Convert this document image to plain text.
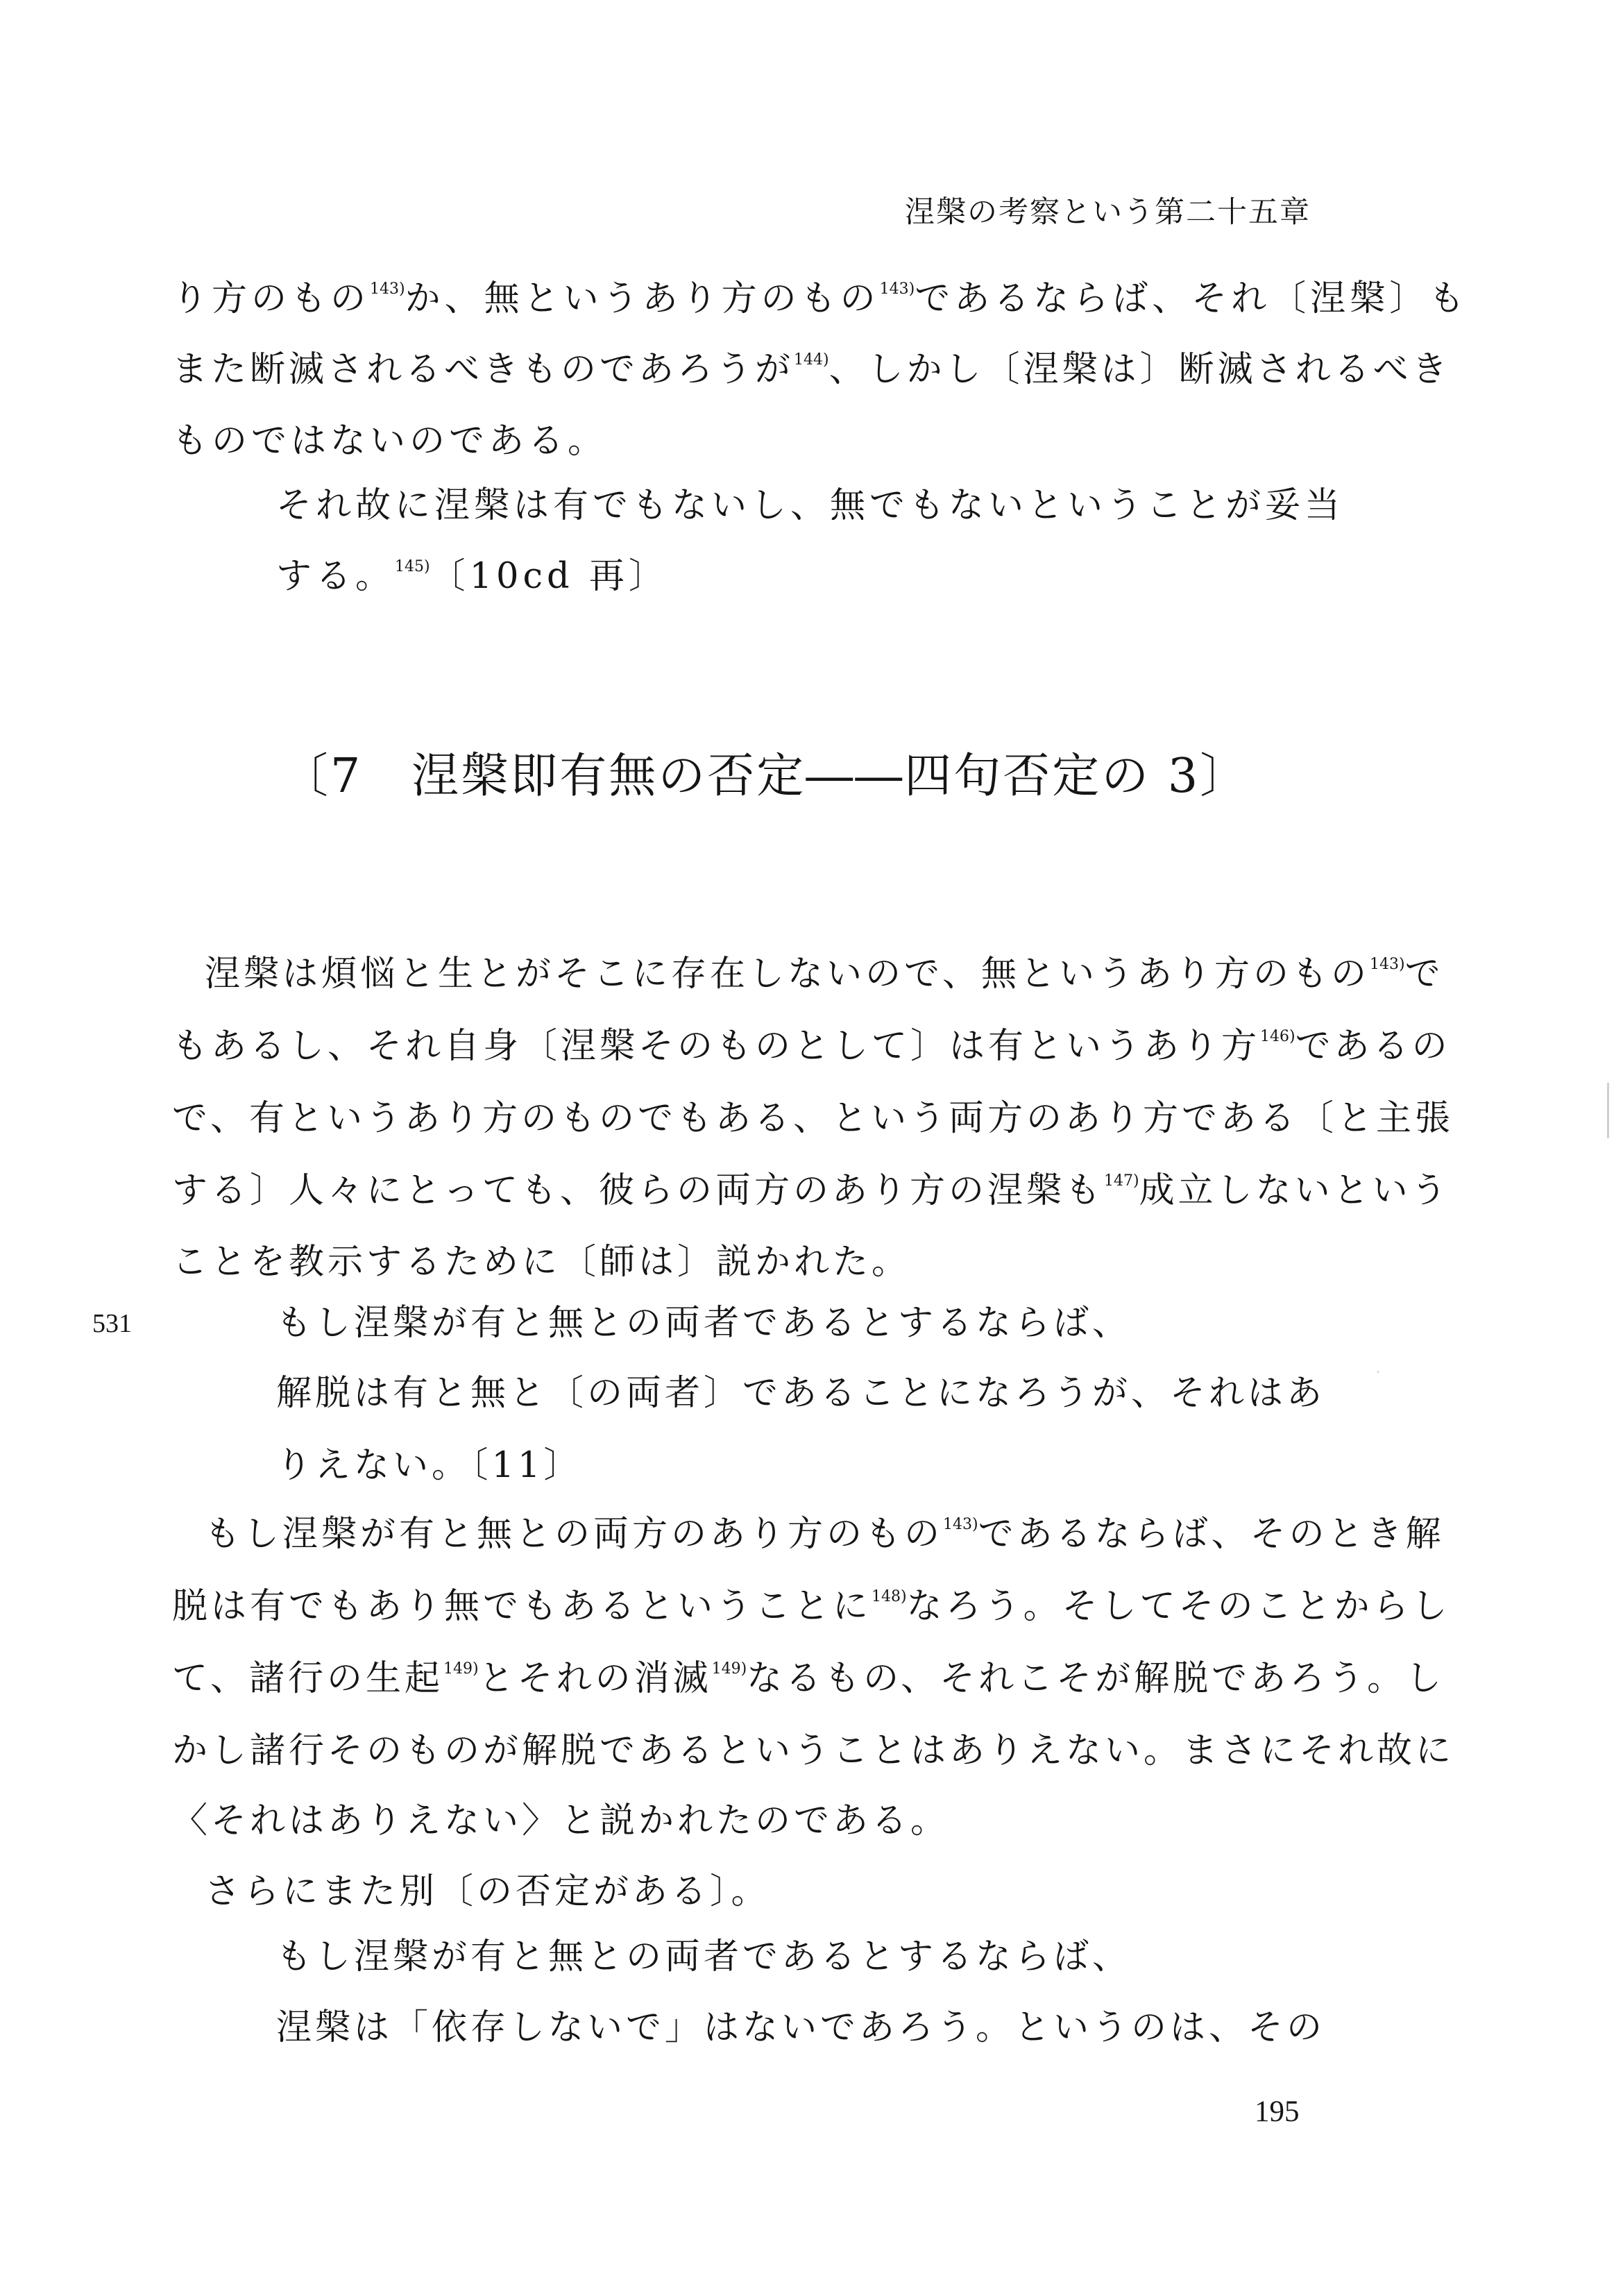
涅槃の考察という第二十五章
り方のもの$^{143)}$か、無というあり方のもの$^{143)}$であるならば、それ〔涅槃〕も
また断滅されるべきものであろうが$^{144)}$、しかし〔涅槃は〕断滅されるべき
ものではないのである。
それ故に涅槃は有でもないし、無でもないということが妥当
する。$^{145)}$〔10cd 再〕
〔7　涅槃即有無の否定――四句否定の 3〕
涅槃は煩悩と生とがそこに存在しないので、無というあり方のもの$^{143)}$で
もあるし、それ自身〔涅槃そのものとして〕は有というあり方$^{146)}$であるの
で、有というあり方のものでもある、という両方のあり方である〔と主張
する〕人々にとっても、彼らの両方のあり方の涅槃も$^{147)}$成立しないという
ことを教示するために〔師は〕説かれた。
531	もし涅槃が有と無との両者であるとするならば、
解脱は有と無と〔の両者〕であることになろうが、それはあ
りえない。〔11〕
もし涅槃が有と無との両方のあり方のもの$^{143)}$であるならば、そのとき解
脱は有でもあり無でもあるということに$^{148)}$なろう。そしてそのことからし
て、諸行の生起$^{149)}$とそれの消滅$^{149)}$なるもの、それこそが解脱であろう。し
かし諸行そのものが解脱であるということはありえない。まさにそれ故に
〈それはありえない〉と説かれたのである。
さらにまた別〔の否定がある〕。
もし涅槃が有と無との両者であるとするならば、
涅槃は「依存しないで」はないであろう。というのは、その
195
